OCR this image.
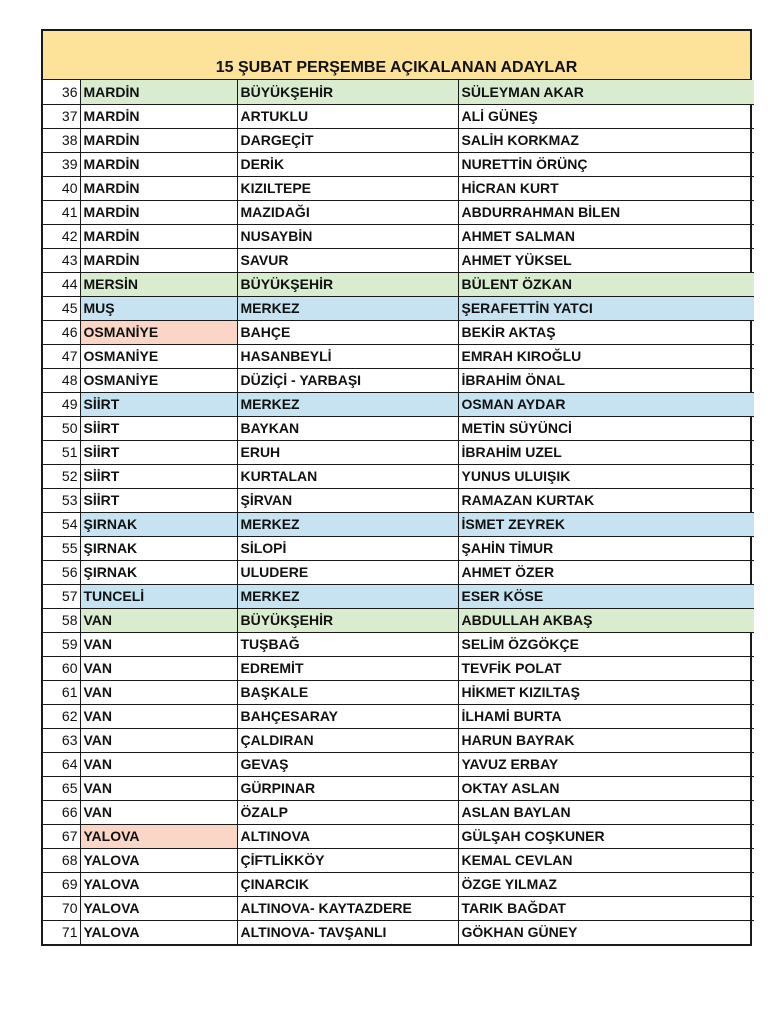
15 ŞUBAT PERŞEMBE AÇIKALANAN ADAYLAR
36	MARDİN	BÜYÜKŞEHİR	SÜLEYMAN AKAR
37	MARDİN	ARTUKLU	ALİ GÜNEŞ
38	MARDİN	DARGEÇİT	SALİH KORKMAZ
39	MARDİN	DERİK	NURETTİN ÖRÜNÇ
40	MARDİN	KIZILTEPE	HİCRAN KURT
41	MARDİN	MAZIDAĞI	ABDURRAHMAN BİLEN
42	MARDİN	NUSAYBİN	AHMET SALMAN
43	MARDİN	SAVUR	AHMET YÜKSEL
44	MERSİN	BÜYÜKŞEHİR	BÜLENT ÖZKAN
45	MUŞ	MERKEZ	ŞERAFETTİN YATCI
46	OSMANİYE	BAHÇE	BEKİR AKTAŞ
47	OSMANİYE	HASANBEYLİ	EMRAH KIROĞLU
48	OSMANİYE	DÜZİÇİ - YARBAŞI	İBRAHİM ÖNAL
49	SİİRT	MERKEZ	OSMAN AYDAR
50	SİİRT	BAYKAN	METİN SÜYÜNCİ
51	SİİRT	ERUH	İBRAHİM UZEL
52	SİİRT	KURTALAN	YUNUS ULUIŞIK
53	SİİRT	ŞİRVAN	RAMAZAN KURTAK
54	ŞIRNAK	MERKEZ	İSMET ZEYREK
55	ŞIRNAK	SİLOPİ	ŞAHİN TİMUR
56	ŞIRNAK	ULUDERE	AHMET ÖZER
57	TUNCELİ	MERKEZ	ESER KÖSE
58	VAN	BÜYÜKŞEHİR	ABDULLAH AKBAŞ
59	VAN	TUŞBAĞ	SELİM ÖZGÖKÇE
60	VAN	EDREMİT	TEVFİK POLAT
61	VAN	BAŞKALE	HİKMET KIZILTAŞ
62	VAN	BAHÇESARAY	İLHAMİ BURTA
63	VAN	ÇALDIRAN	HARUN BAYRAK
64	VAN	GEVAŞ	YAVUZ ERBAY
65	VAN	GÜRPINAR	OKTAY ASLAN
66	VAN	ÖZALP	ASLAN BAYLAN
67	YALOVA	ALTINOVA	GÜLŞAH COŞKUNER
68	YALOVA	ÇİFTLİKKÖY	KEMAL CEVLAN
69	YALOVA	ÇINARCIK	ÖZGE YILMAZ
70	YALOVA	ALTINOVA- KAYTAZDERE	TARIK BAĞDAT
71	YALOVA	ALTINOVA- TAVŞANLI	GÖKHAN GÜNEY
